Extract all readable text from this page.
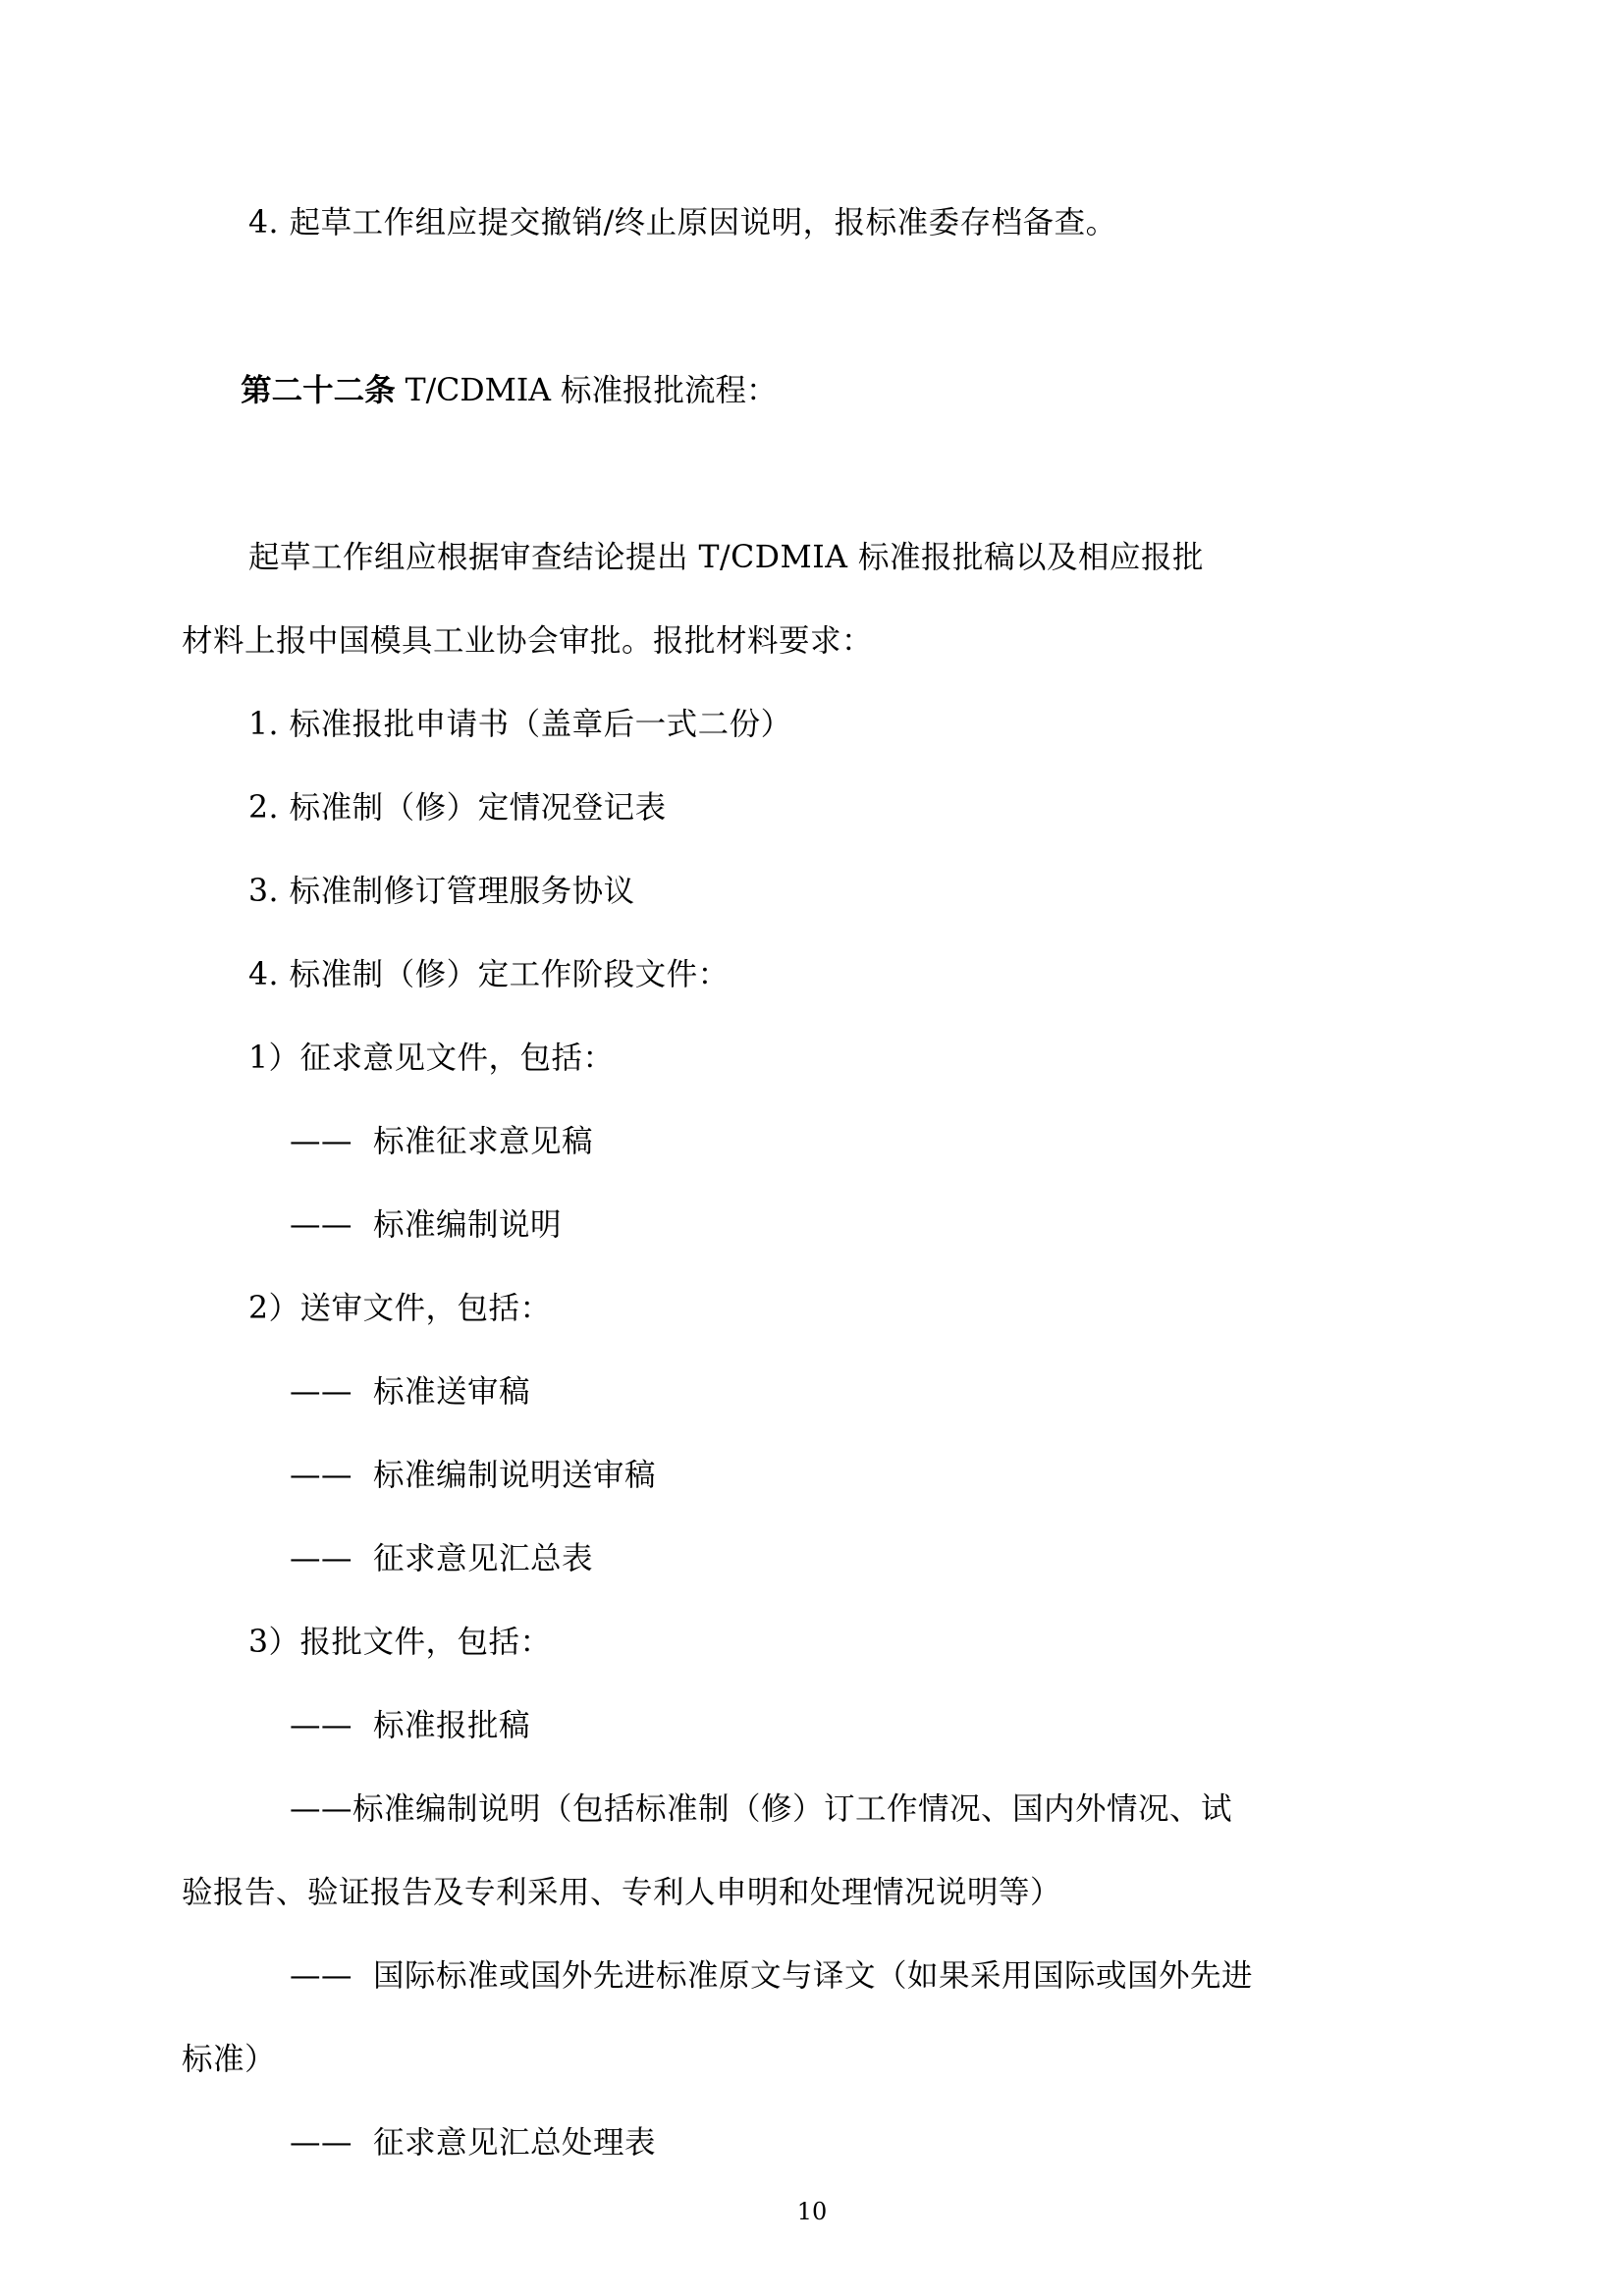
4. 起草工作组应提交撤销/终止原因说明，报标准委存档备查。

第二十二条 T/CDMIA 标准报批流程：

起草工作组应根据审查结论提出 T/CDMIA 标准报批稿以及相应报批
材料上报中国模具工业协会审批。报批材料要求：
1. 标准报批申请书（盖章后一式二份）
2. 标准制（修）定情况登记表
3. 标准制修订管理服务协议
4. 标准制（修）定工作阶段文件：
1）征求意见文件，包括：
——  标准征求意见稿
——  标准编制说明
2）送审文件，包括：
——  标准送审稿
——  标准编制说明送审稿
——  征求意见汇总表
3）报批文件，包括：
——  标准报批稿
——标准编制说明（包括标准制（修）订工作情况、国内外情况、试
验报告、验证报告及专利采用、专利人申明和处理情况说明等）
——  国际标准或国外先进标准原文与译文（如果采用国际或国外先进
标准）
——  征求意见汇总处理表
10
